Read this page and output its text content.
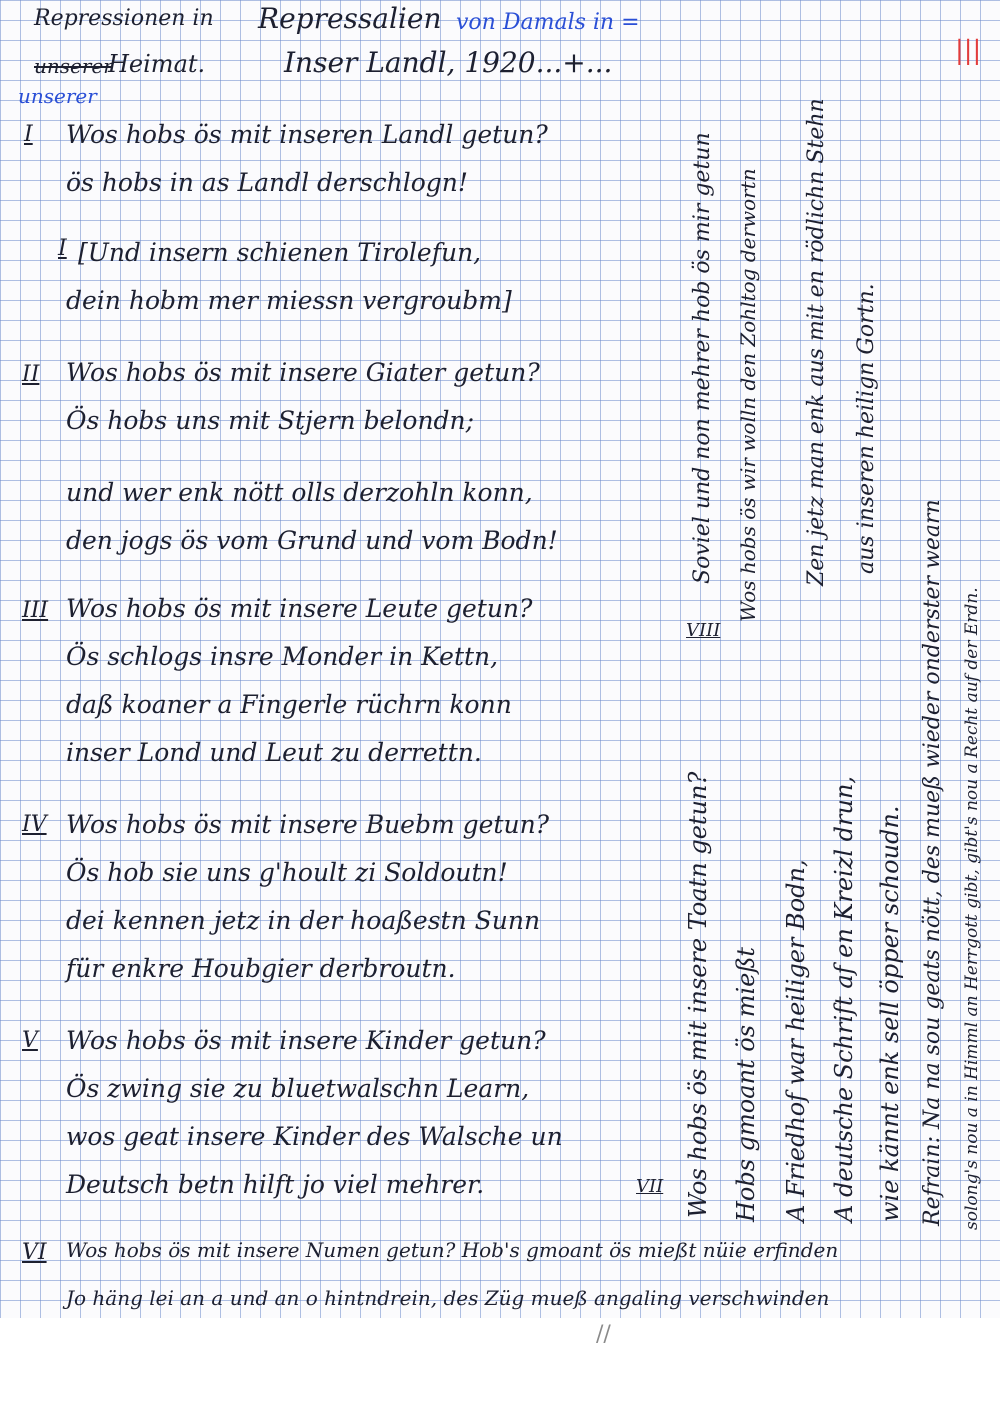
Repressionen in Repressalien von Damals in =
unserer
Heimat.	Inser Landl, 1920...+...
unserer
|||
I Wos hobs ös mit inseren Landl getun?
ös hobs in as Landl derschlogn!
I [Und insern schienen Tirolefun,
dein hobm mer miessn vergroubm]
II Wos hobs ös mit insere Giater getun?
Ös hobs uns mit Stjern belondn;
und wer enk nött olls derzohln konn,
den jogs ös vom Grund und vom Bodn!
III Wos hobs ös mit insere Leute getun?
Ös schlogs insre Monder in Kettn,
daß koaner a Fingerle rüchrn konn
inser Lond und Leut zu derrettn.
IV Wos hobs ös mit insere Buebm getun?
Ös hob sie uns g'hoult zi Soldoutn!
dei kennen jetz in der hoaßestn Sunn
für enkre Houbgier derbroutn.
V Wos hobs ös mit insere Kinder getun?
Ös zwing sie zu bluetwalschn Learn,
wos geat insere Kinder des Walsche un
Deutsch betn hilft jo viel mehrer.
VI Wos hobs ös mit insere Numen getun? Hob's gmoant ös mießt nüie erfinden
Jo häng lei an a und an o hintndrein, des Züg mueß angaling verschwinden
VII Wos hobs ös mit insere Toatn getun? Hobs gmoant ös mießt A Friedhof war heiliger Bodn, A deutsche Schrift af en Kreizl drun, wie kännt enk sell öpper schoudn.
VIII
Wos hobs ös wir wolln den Zohltog derwortn
Soviel und non mehrer hob ös mir getun	Zen jetz man enk aus mit en rödlichn Stehn aus inseren heilign Gortn.
Refrain: Na na sou geats nött, des mueß wieder onderster wearn solong's nou a in Himml an Herrgott gibt, gibt's nou a Recht auf der Erdn.
//
